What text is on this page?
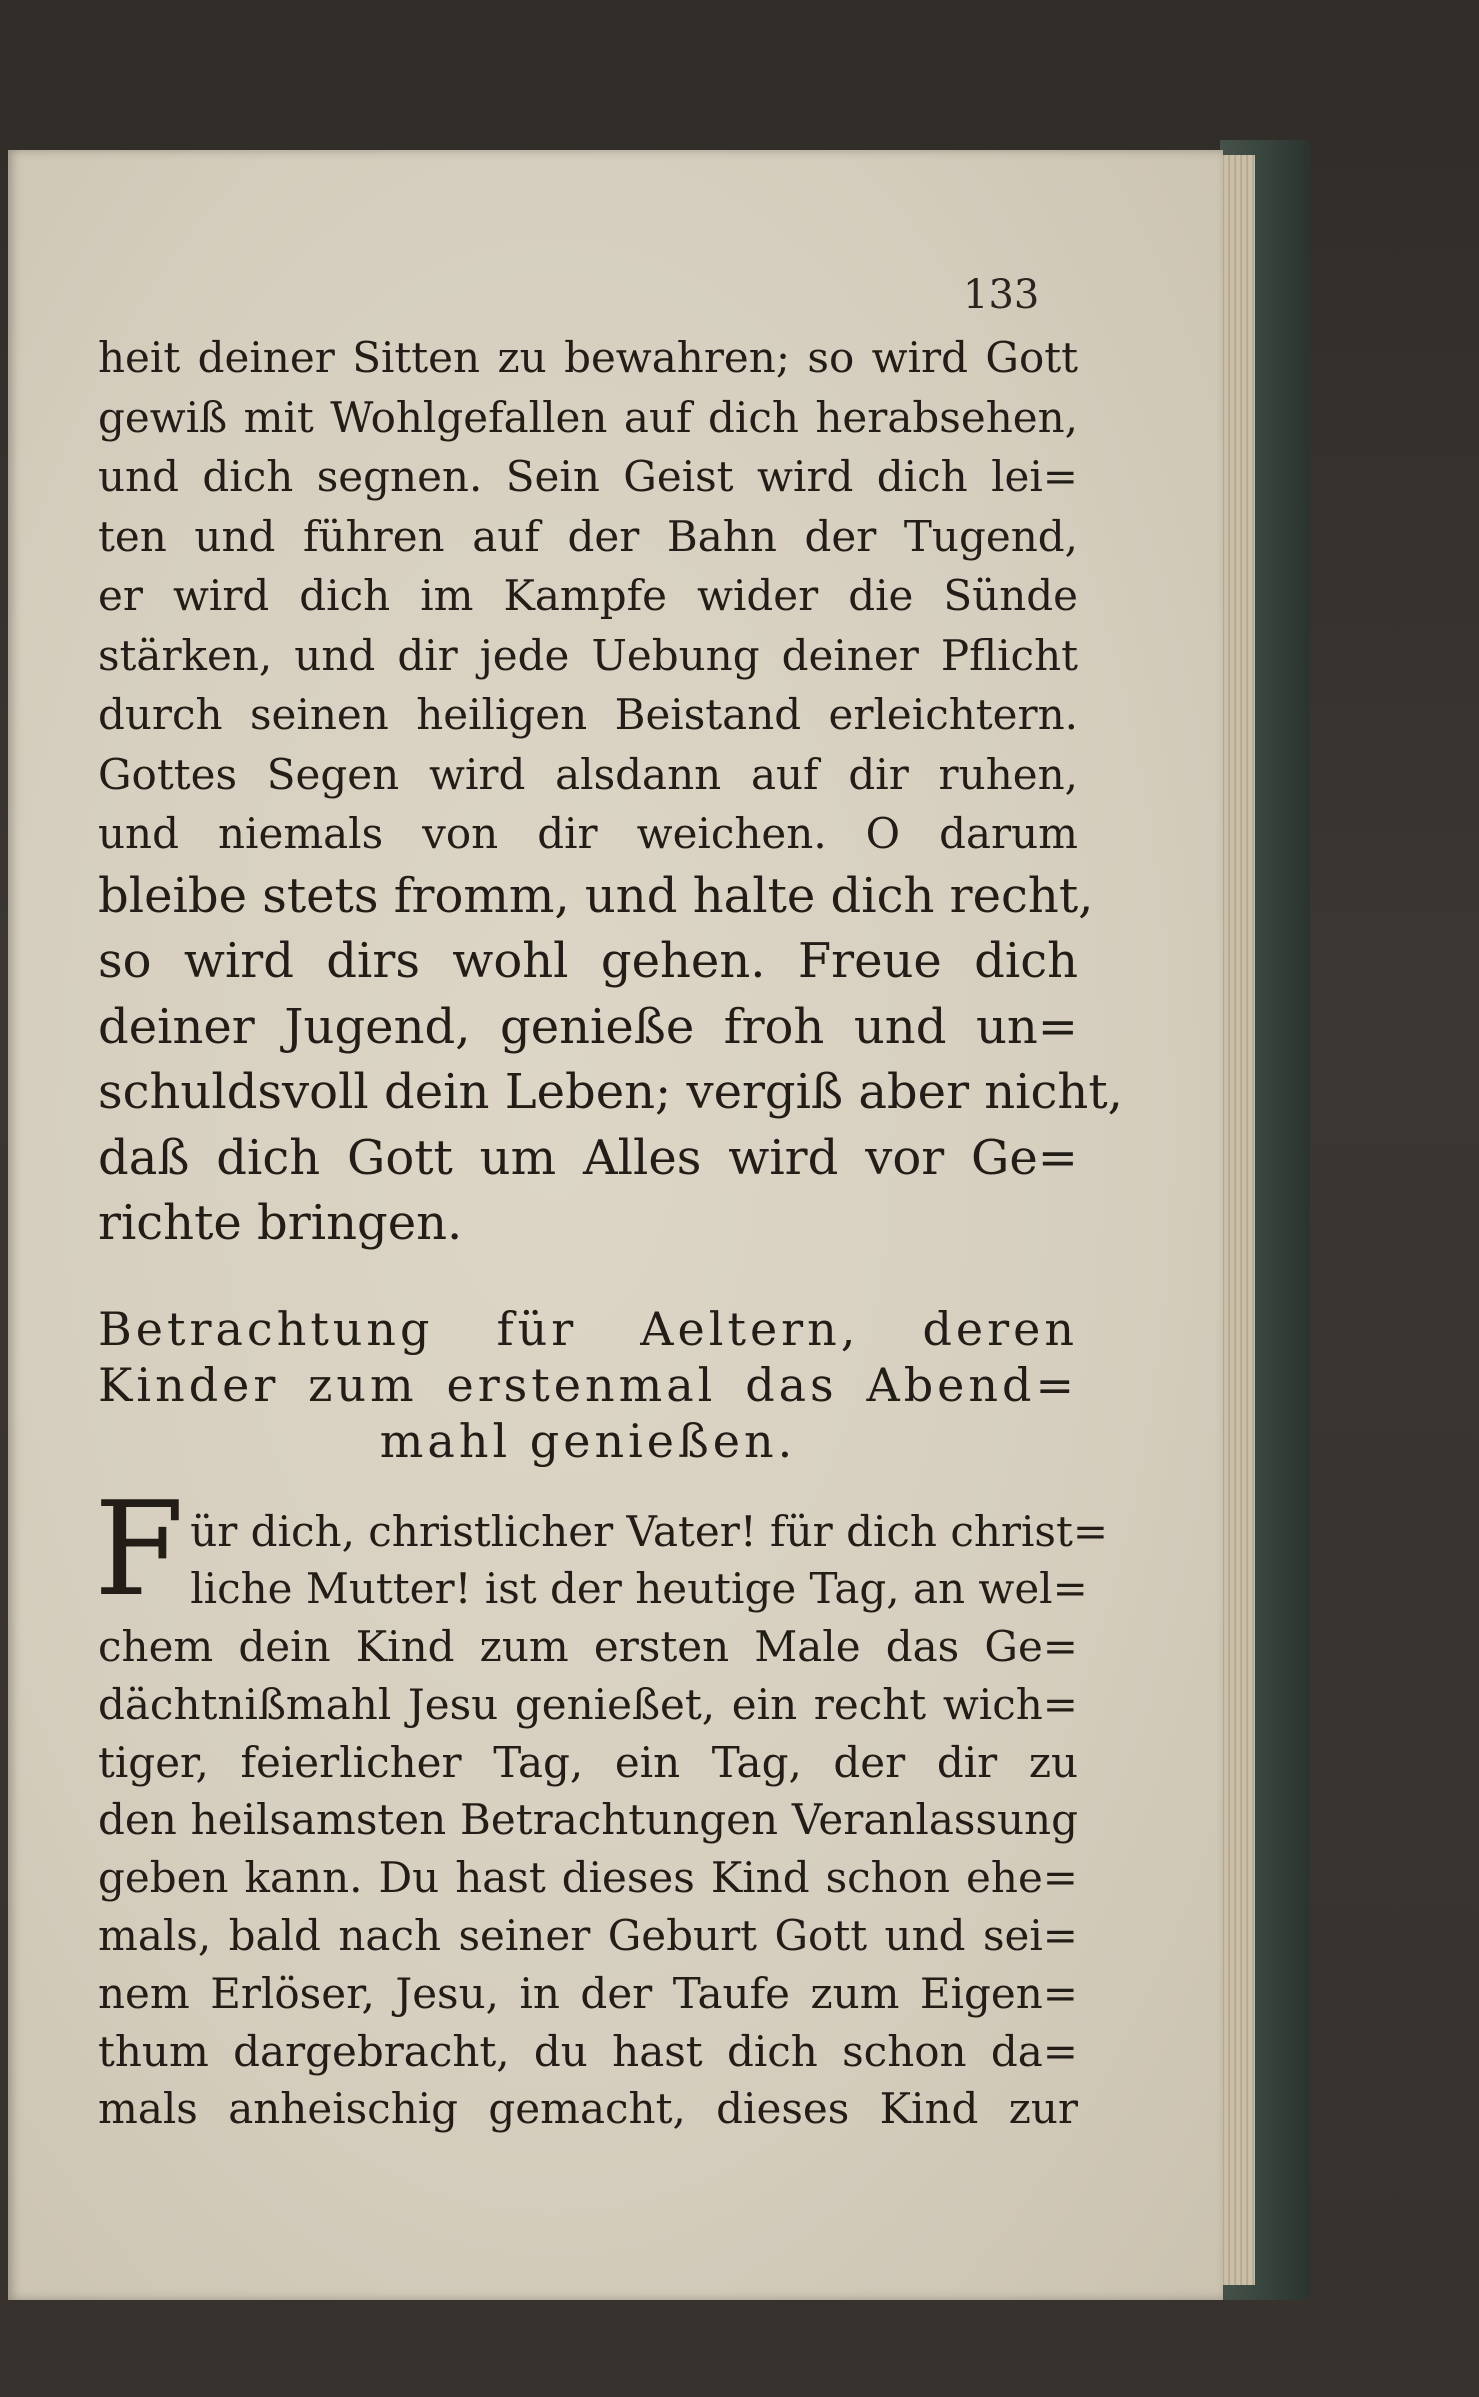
133
heit deiner Sitten zu bewahren; so wird Gott
gewiß mit Wohlgefallen auf dich herabsehen,
und dich segnen. Sein Geist wird dich lei=
ten und führen auf der Bahn der Tugend,
er wird dich im Kampfe wider die Sünde
stärken, und dir jede Uebung deiner Pflicht
durch seinen heiligen Beistand erleichtern.
Gottes Segen wird alsdann auf dir ruhen,
und niemals von dir weichen. O darum
bleibe stets fromm, und halte dich recht,
so wird dirs wohl gehen. Freue dich
deiner Jugend, genieße froh und un=
schuldsvoll dein Leben; vergiß aber nicht,
daß dich Gott um Alles wird vor Ge=
richte bringen.
Betrachtung für Aeltern, deren
Kinder zum erstenmal das Abend=
mahl genießen.
F ür dich, christlicher Vater! für dich christ=
liche Mutter! ist der heutige Tag, an wel=
chem dein Kind zum ersten Male das Ge=
dächtnißmahl Jesu genießet, ein recht wich=
tiger, feierlicher Tag, ein Tag, der dir zu
den heilsamsten Betrachtungen Veranlassung
geben kann. Du hast dieses Kind schon ehe=
mals, bald nach seiner Geburt Gott und sei=
nem Erlöser, Jesu, in der Taufe zum Eigen=
thum dargebracht, du hast dich schon da=
mals anheischig gemacht, dieses Kind zur
